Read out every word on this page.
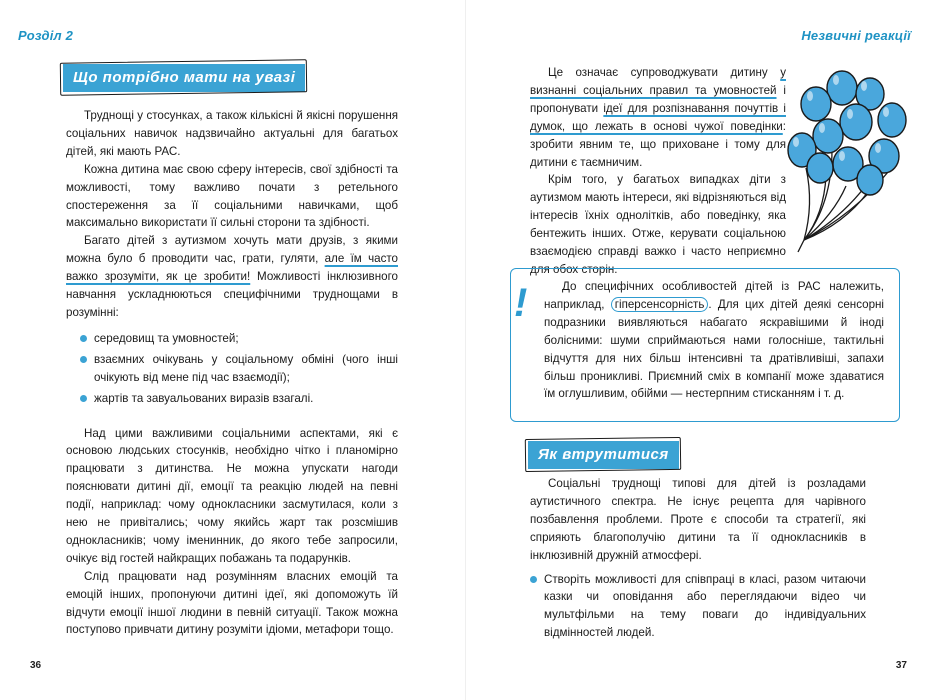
Розділ 2
Що потрібно мати на увазі

Труднощі у стосунках, а також кількісні й якісні порушення соціальних навичок надзвичайно актуальні для багатьох дітей, які мають РАС.

Кожна дитина має свою сферу інтересів, свої здібності та можливості, тому важливо почати з ретельного спостереження за її соціальними навичками, щоб максимально використати її сильні сторони та здібності.

Багато дітей з аутизмом хочуть мати друзів, з якими можна було б проводити час, грати, гуляти, але їм часто важко зрозуміти, як це зробити! Можливості інклюзивного навчання ускладнюються специфічними труднощами в розумінні:

середовищ та умовностей;
взаємних очікувань у соціальному обміні (чого інші очікують від мене під час взаємодії);
жартів та завуальованих виразів взагалі.

Над цими важливими соціальними аспектами, які є основою людських стосунків, необхідно чітко і планомірно працювати з дитинства. Не можна упускати нагоди пояснювати дитині дії, емоції та реакцію людей на певні події, наприклад: чому однокласники засмутилася, коли з нею не привітались; чому якийсь жарт так розсмішив однокласників; чому іменинник, до якого тебе запросили, очікує від гостей найкращих побажань та подарунків.

Слід працювати над розумінням власних емоцій та емоцій інших, пропонуючи дитині ідеї, які допоможуть їй відчути емоції іншої людини в певній ситуації. Також можна поступово привчати дитину розуміти ідіоми, метафори тощо.

36
Незвичні реакції

Це означає супроводжувати дитину у визнанні соціальних правил та умовностей і пропонувати ідеї для розпізнавання почуттів і думок, що лежать в основі чужої поведінки: зробити явним те, що приховане і тому для дитини є таємничим.

Крім того, у багатьох випадках діти з аутизмом мають інтереси, які відрізняються від інтересів їхніх однолітків, або поведінку, яка бентежить інших. Отже, керувати соціальною взаємодією справді важко і часто неприємно для обох сторін.

!	До специфічних особливостей дітей із РАС належить, наприклад, гіперсенсорність . Для цих дітей деякі сенсорні подразники виявляються набагато яскравішими й іноді болісними: шуми сприймаються нами голосніше, тактильні відчуття для них більш інтенсивні та дратівливіші, запахи більш проникливі. Приємний сміх в компанії може здаватися їм оглушливим, обійми — нестерпним стисканням і т. д.

Як втрутитися

Соціальні труднощі типові для дітей із розладами аутистичного спектра. Не існує рецепта для чарівного позбавлення проблеми. Проте є способи та стратегії, які сприяють благополучію дитини та її однокласників в інклюзивній дружній атмосфері.

Створіть можливості для співпраці в класі, разом читаючи казки чи оповідання або переглядаючи відео чи мультфільми на тему поваги до індивідуальних відмінностей людей.
37
